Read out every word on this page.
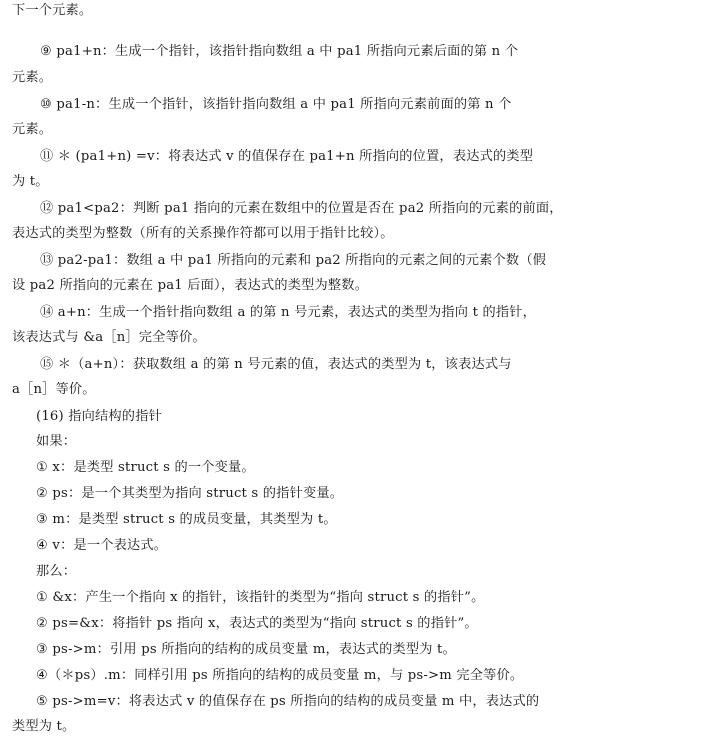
下一个元素。
⑨ pa1+n：生成一个指针，该指针指向数组 a 中 pa1 所指向元素后面的第 n 个
元素。
⑩ pa1-n：生成一个指针，该指针指向数组 a 中 pa1 所指向元素前面的第 n 个
元素。
⑪ ＊ (pa1+n) =v：将表达式 v 的值保存在 pa1+n 所指向的位置，表达式的类型
为 t。
⑫ pa1<pa2：判断 pa1 指向的元素在数组中的位置是否在 pa2 所指向的元素的前面，
表达式的类型为整数（所有的关系操作符都可以用于指针比较）。
⑬ pa2-pa1：数组 a 中 pa1 所指向的元素和 pa2 所指向的元素之间的元素个数（假
设 pa2 所指向的元素在 pa1 后面），表达式的类型为整数。
⑭ a+n：生成一个指针指向数组 a 的第 n 号元素，表达式的类型为指向 t 的指针，
该表达式与 &a［n］完全等价。
⑮ ＊（a+n）：获取数组 a 的第 n 号元素的值，表达式的类型为 t，该表达式与
a［n］等价。
(16) 指向结构的指针
如果：
① x：是类型 struct s 的一个变量。
② ps：是一个其类型为指向 struct s 的指针变量。
③ m：是类型 struct s 的成员变量，其类型为 t。
④ v：是一个表达式。
那么：
① &x：产生一个指向 x 的指针，该指针的类型为“指向 struct s 的指针”。
② ps=&x：将指针 ps 指向 x，表达式的类型为“指向 struct s 的指针”。
③ ps->m：引用 ps 所指向的结构的成员变量 m，表达式的类型为 t。
④（＊ps）.m：同样引用 ps 所指向的结构的成员变量 m，与 ps->m 完全等价。
⑤ ps->m=v：将表达式 v 的值保存在 ps 所指向的结构的成员变量 m 中，表达式的
类型为 t。
